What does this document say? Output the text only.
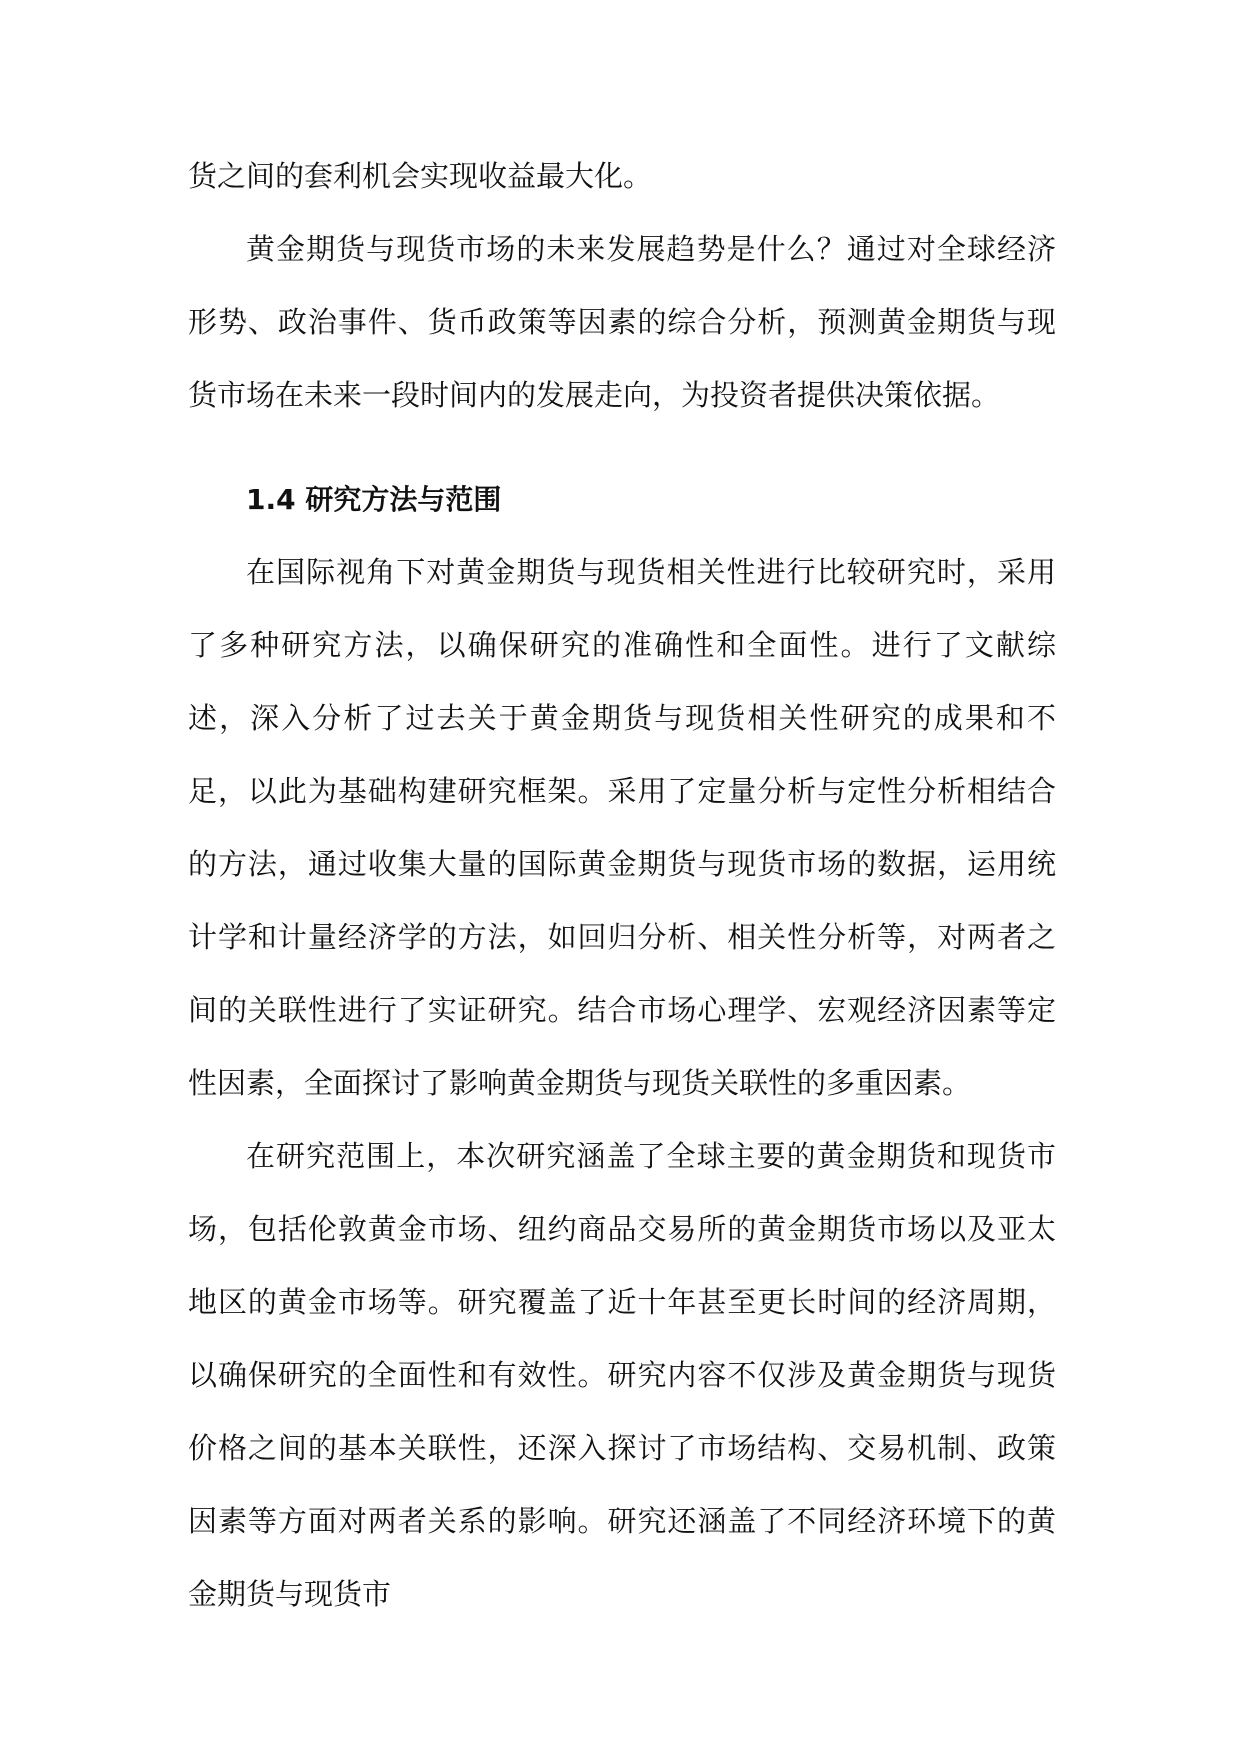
货之间的套利机会实现收益最大化。

黄金期货与现货市场的未来发展趋势是什么？通过对全球经济形势、政治事件、货币政策等因素的综合分析，预测黄金期货与现货市场在未来一段时间内的发展走向，为投资者提供决策依据。

1.4 研究方法与范围

在国际视角下对黄金期货与现货相关性进行比较研究时，采用了多种研究方法，以确保研究的准确性和全面性。进行了文献综述，深入分析了过去关于黄金期货与现货相关性研究的成果和不足，以此为基础构建研究框架。采用了定量分析与定性分析相结合的方法，通过收集大量的国际黄金期货与现货市场的数据，运用统计学和计量经济学的方法，如回归分析、相关性分析等，对两者之间的关联性进行了实证研究。结合市场心理学、宏观经济因素等定性因素，全面探讨了影响黄金期货与现货关联性的多重因素。

在研究范围上，本次研究涵盖了全球主要的黄金期货和现货市场，包括伦敦黄金市场、纽约商品交易所的黄金期货市场以及亚太地区的黄金市场等。研究覆盖了近十年甚至更长时间的经济周期，以确保研究的全面性和有效性。研究内容不仅涉及黄金期货与现货价格之间的基本关联性，还深入探讨了市场结构、交易机制、政策因素等方面对两者关系的影响。研究还涵盖了不同经济环境下的黄金期货与现货市
